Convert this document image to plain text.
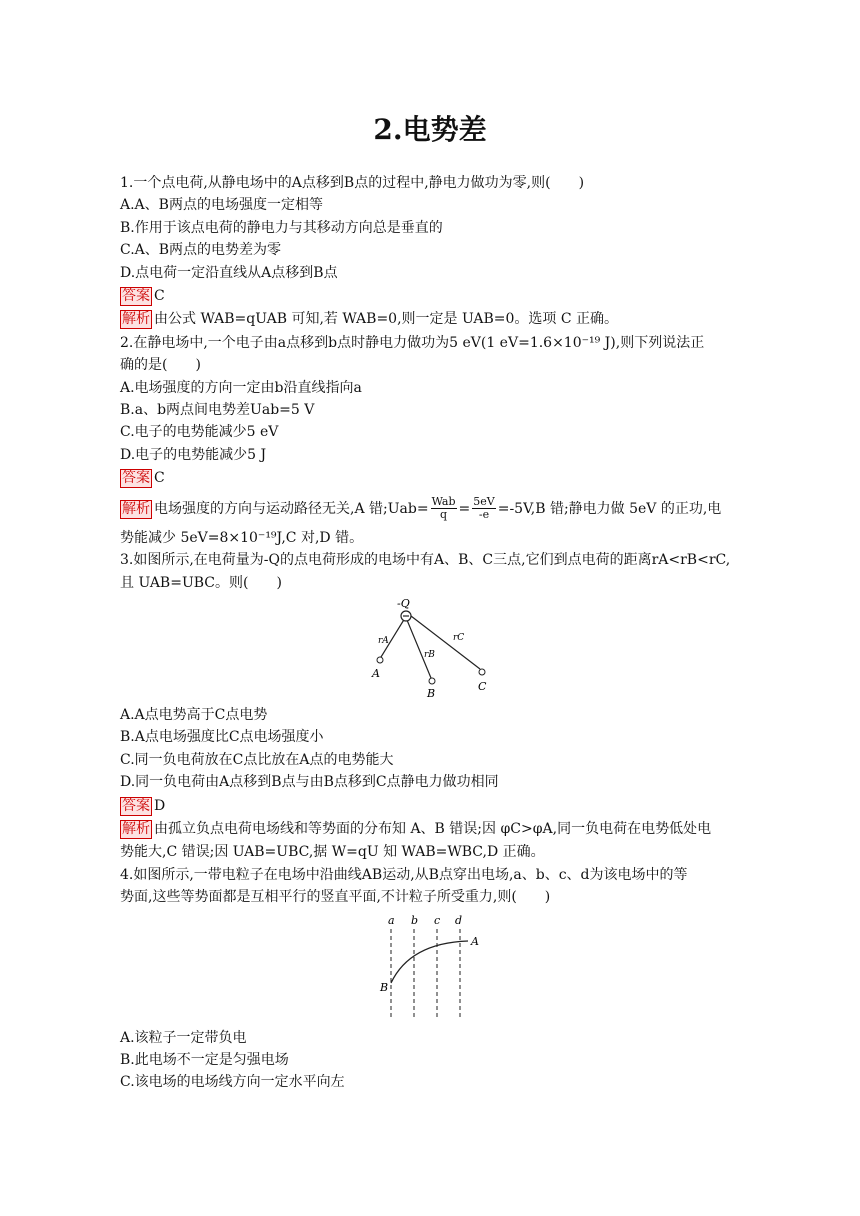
2.电势差
1.一个点电荷,从静电场中的A点移到B点的过程中,静电力做功为零,则(　　)
A.A、B两点的电场强度一定相等
B.作用于该点电荷的静电力与其移动方向总是垂直的
C.A、B两点的电势差为零
D.点电荷一定沿直线从A点移到B点
答案 C
解析 由公式 WAB=qUAB 可知,若 WAB=0,则一定是 UAB=0。选项 C 正确。
2.在静电场中,一个电子由a点移到b点时静电力做功为5 eV(1 eV=1.6×10⁻¹⁹ J),则下列说法正
确的是(　　)
A.电场强度的方向一定由b沿直线指向a
B.a、b两点间电势差Uab=5 V
C.电子的电势能减少5 eV
D.电子的电势能减少5 J
答案 C
解析 电场强度的方向与运动路径无关,A 错;Uab= $\frac{\text{Wab}}{q} = \frac{5eV}{-e} =-5V,B$ 错;静电力做 5eV 的正功,电
势能减少 5eV=8×10⁻¹⁹J,C 对,D 错。
3.如图所示,在电荷量为-Q的点电荷形成的电场中有A、B、C三点,它们到点电荷的距离rA<rB<rC,
且 UAB=UBC。则(　　)
-Q
rA
rB
rC
A
B
C
A.A点电势高于C点电势
B.A点电场强度比C点电场强度小
C.同一负电荷放在C点比放在A点的电势能大
D.同一负电荷由A点移到B点与由B点移到C点静电力做功相同
答案 D
解析 由孤立负点电荷电场线和等势面的分布知 A、B 错误;因 φC>φA,同一负电荷在电势低处电
势能大,C 错误;因 UAB=UBC,据 W=qU 知 WAB=WBC,D 正确。
4.如图所示,一带电粒子在电场中沿曲线AB运动,从B点穿出电场,a、b、c、d为该电场中的等
势面,这些等势面都是互相平行的竖直平面,不计粒子所受重力,则(　　)
a b c d
A
B
A.该粒子一定带负电
B.此电场不一定是匀强电场
C.该电场的电场线方向一定水平向左
